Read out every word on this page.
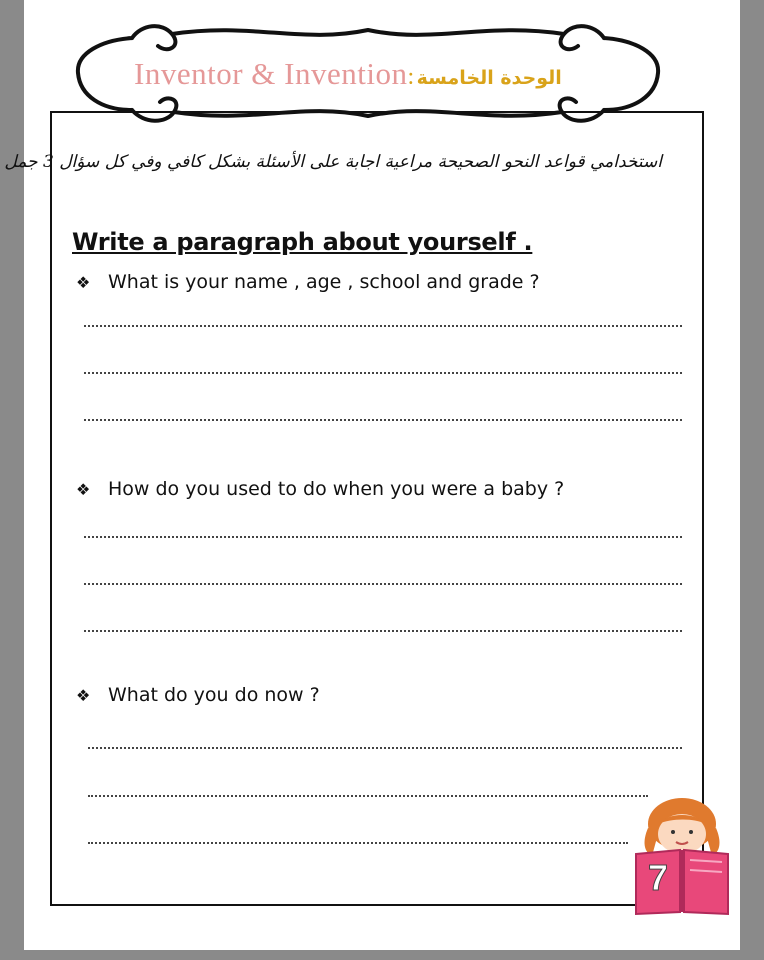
Inventor & Invention : الوحدة الخامسة
استخدامي قواعد النحو الصحيحة مراعية اجابة على الأسئلة بشكل كافي وفي كل سؤال 3 جمل
Write a paragraph about yourself .
❖ What is your name , age , school and grade ?
❖ How do you used to do when you were a baby ?
❖ What do you do now ?
7
